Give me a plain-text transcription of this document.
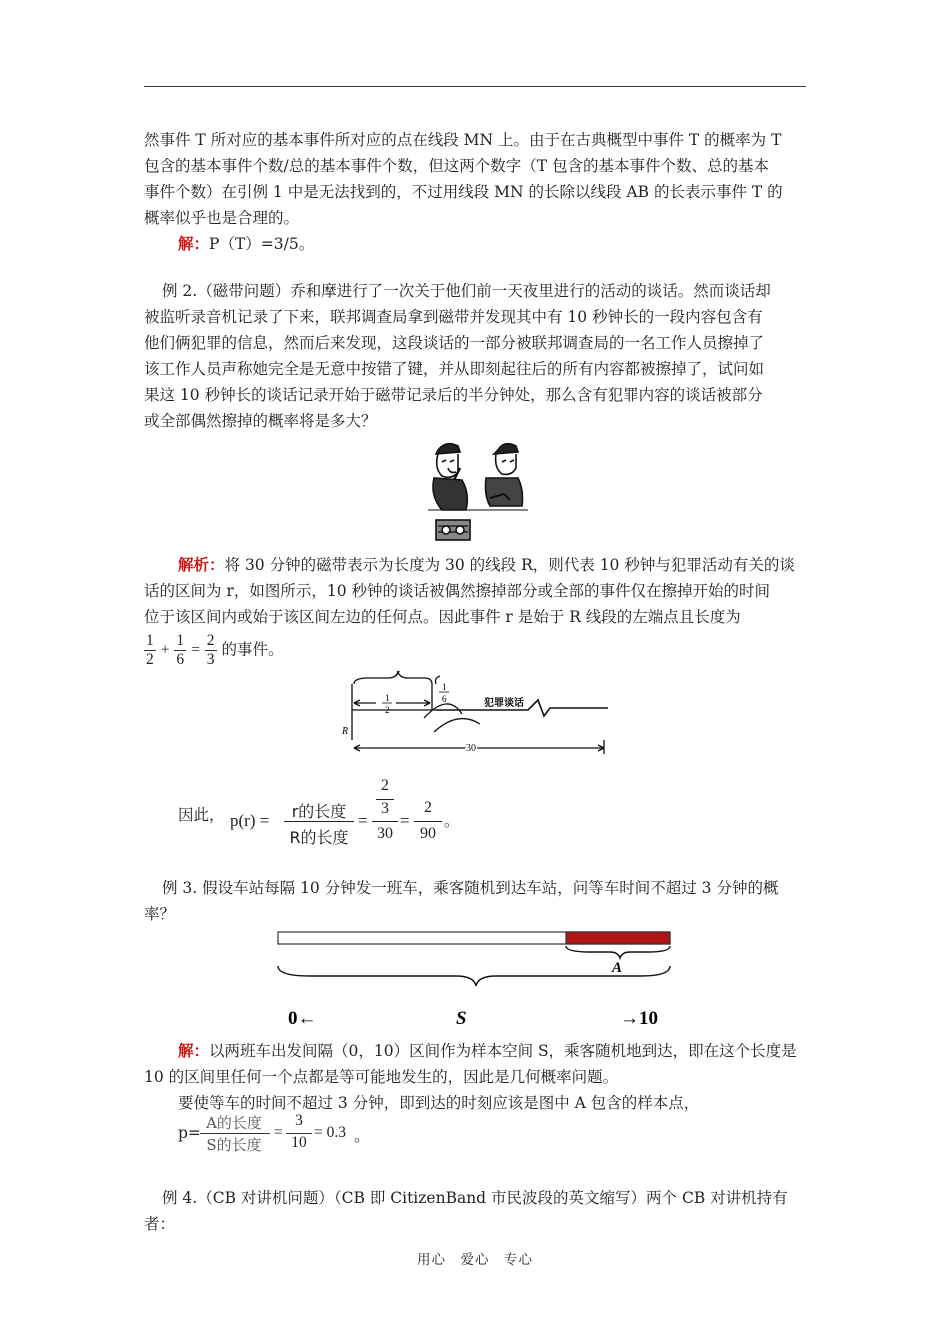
然事件 T 所对应的基本事件所对应的点在线段 MN 上。由于在古典概型中事件 T 的概率为 T
包含的基本事件个数/总的基本事件个数，但这两个数字（T 包含的基本事件个数、总的基本
事件个数）在引例 1 中是无法找到的，不过用线段 MN 的长除以线段 AB 的长表示事件 T 的
概率似乎也是合理的。
解：P（T）=3/5。
例 2.（磁带问题）乔和摩进行了一次关于他们前一天夜里进行的活动的谈话。然而谈话却
被监听录音机记录了下来，联邦调查局拿到磁带并发现其中有 10 秒钟长的一段内容包含有
他们俩犯罪的信息，然而后来发现，这段谈话的一部分被联邦调查局的一名工作人员擦掉了
该工作人员声称她完全是无意中按错了键，并从即刻起往后的所有内容都被擦掉了，试问如
果这 10 秒钟长的谈话记录开始于磁带记录后的半分钟处，那么含有犯罪内容的谈话被部分
或全部偶然擦掉的概率将是多大？
解析：将 30 分钟的磁带表示为长度为 30 的线段 R，则代表 10 秒钟与犯罪活动有关的谈
话的区间为 r，如图所示，10 秒钟的谈话被偶然擦掉部分或全部的事件仅在擦掉开始的时间
位于该区间内或始于该区间左边的任何点。因此事件 r 是始于 R 线段的左端点且长度为
$\frac{1}{2} + \frac{1}{6} = \frac{2}{3}$ 的事件。
r
R
1
2
1
6	犯罪谈话
30
因此， p(r) =	r的长度
R的长度
=
2
3
30
=
2
90
。
例 3. 假设车站每隔 10 分钟发一班车，乘客随机到达车站，问等车时间不超过 3 分钟的概
率？
A
S
0←	→10
解：以两班车出发间隔（0，10）区间作为样本空间 S，乘客随机地到达，即在这个长度是
10 的区间里任何一个点都是等可能地发生的，因此是几何概率问题。
要使等车的时间不超过 3 分钟，即到达的时刻应该是图中 A 包含的样本点，
p=
A的长度
S的长度
=
3
10
= 0.3 。
例 4.（CB 对讲机问题）（CB 即 CitizenBand 市民波段的英文缩写）两个 CB 对讲机持有者：
用心　爱心　专心
